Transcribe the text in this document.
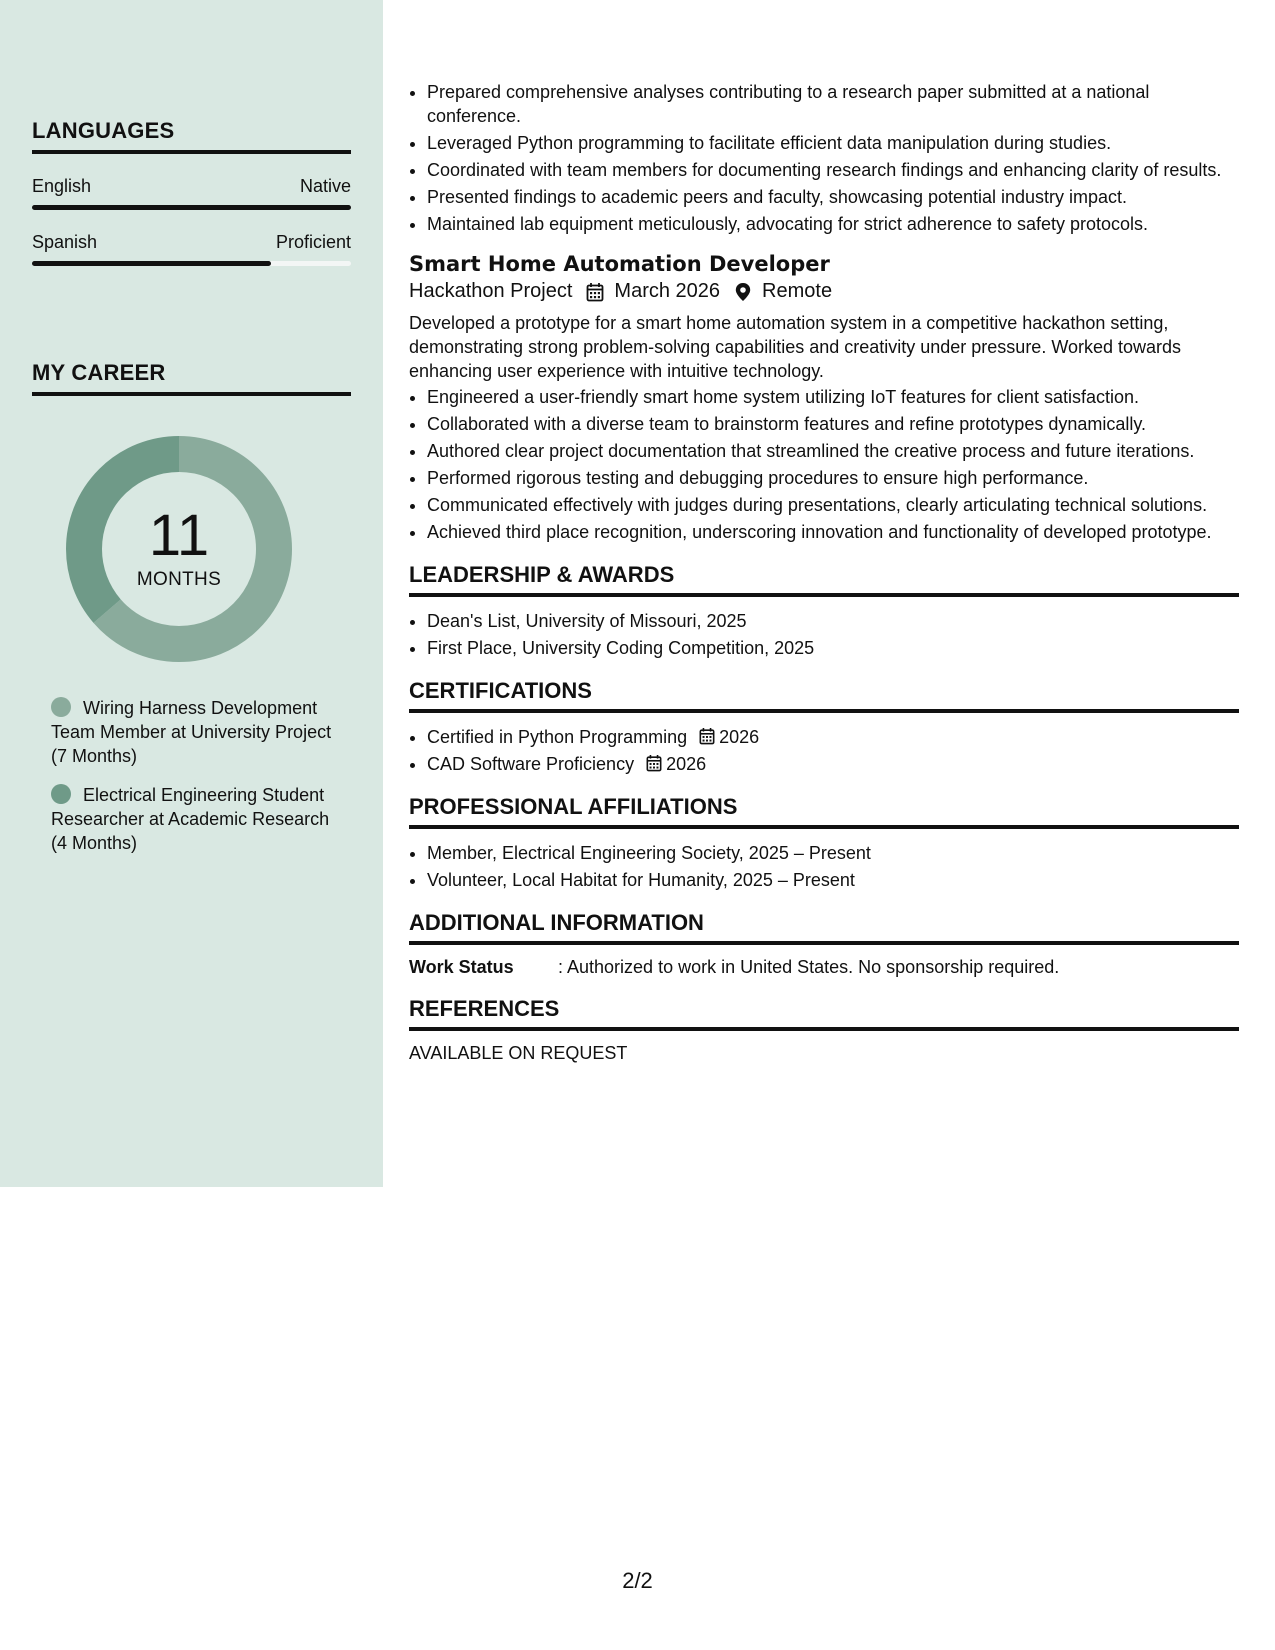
LANGUAGES
English	Native
Spanish	Proficient
MY CAREER
11
MONTHS
Wiring Harness Development Team Member at University Project (7 Months)
Electrical Engineering Student Researcher at Academic Research (4 Months)
• Prepared comprehensive analyses contributing to a research paper submitted at a national conference.
• Leveraged Python programming to facilitate efficient data manipulation during studies.
• Coordinated with team members for documenting research findings and enhancing clarity of results.
• Presented findings to academic peers and faculty, showcasing potential industry impact.
• Maintained lab equipment meticulously, advocating for strict adherence to safety protocols.
Smart Home Automation Developer
Hackathon Project March 2026 Remote
Developed a prototype for a smart home automation system in a competitive hackathon setting, demonstrating strong problem-solving capabilities and creativity under pressure. Worked towards enhancing user experience with intuitive technology.
• Engineered a user-friendly smart home system utilizing IoT features for client satisfaction.
• Collaborated with a diverse team to brainstorm features and refine prototypes dynamically.
• Authored clear project documentation that streamlined the creative process and future iterations.
• Performed rigorous testing and debugging procedures to ensure high performance.
• Communicated effectively with judges during presentations, clearly articulating technical solutions.
• Achieved third place recognition, underscoring innovation and functionality of developed prototype.
LEADERSHIP & AWARDS
• Dean's List, University of Missouri, 2025
• First Place, University Coding Competition, 2025
CERTIFICATIONS
• Certified in Python Programming 2026
• CAD Software Proficiency 2026
PROFESSIONAL AFFILIATIONS
• Member, Electrical Engineering Society, 2025 – Present
• Volunteer, Local Habitat for Humanity, 2025 – Present
ADDITIONAL INFORMATION
Work Status	: Authorized to work in United States. No sponsorship required.
REFERENCES
AVAILABLE ON REQUEST
2/2
